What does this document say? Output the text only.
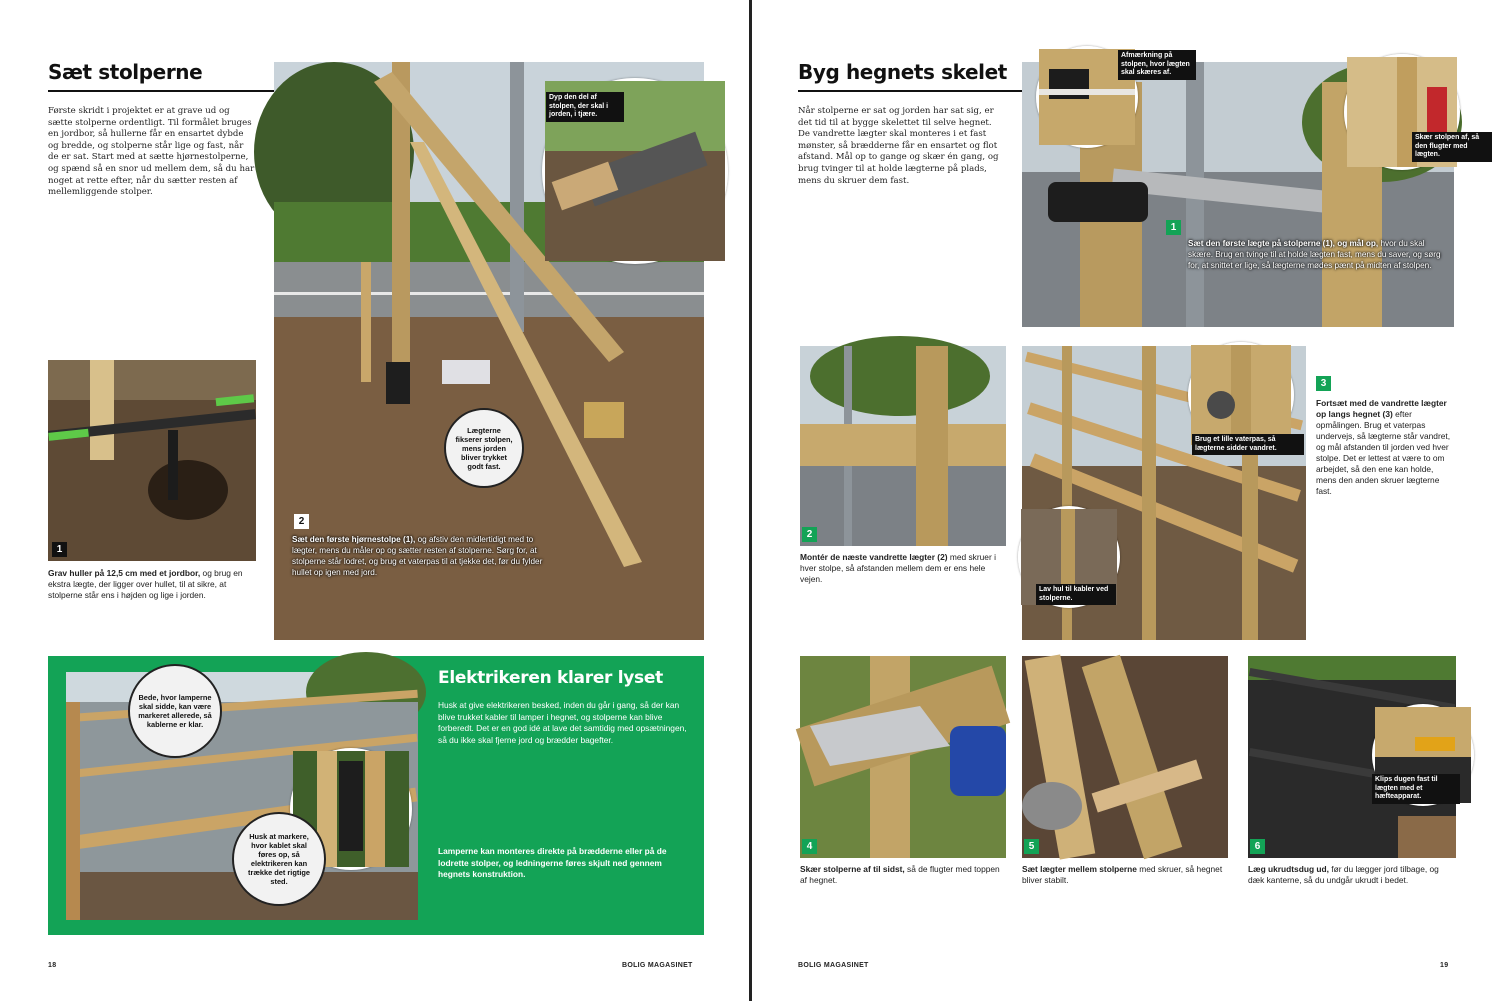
Sæt stolperne

Første skridt i projektet er at grave ud og sætte stolperne ordentligt. Til formålet bruges en jordbor, så hullerne får en ensartet dybde og bredde, og stolperne står lige og fast, når de er sat. Start med at sætte hjørnestolperne, og spænd så en snor ud mellem dem, så du har noget at rette efter, når du sætter resten af mellemliggende stolper.

1
Grav huller på 12,5 cm med et jordbor, og brug en ekstra lægte, der ligger over hullet, til at sikre, at stolperne står ens i højden og lige i jorden.
Dyp den del af stolpen, der skal i jorden, i tjære.
Lægterne fikserer stolpen, mens jorden bliver trykket godt fast.
2
Sæt den første hjørnestolpe (1), og afstiv den midlertidigt med to lægter, mens du måler op og sætter resten af stolperne. Sørg for, at stolperne står lodret, og brug et vaterpas til at tjekke det, før du fylder hullet op igen med jord.
Bede, hvor lamperne skal sidde, kan være markeret allerede, så kablerne er klar.
Husk at markere, hvor kablet skal føres op, så elektrikeren kan trække det rigtige sted.
Elektrikeren klarer lyset

Husk at give elektrikeren besked, inden du går i gang, så der kan blive trukket kabler til lamper i hegnet, og stolperne kan blive forberedt. Det er en god idé at lave det samtidig med opsætningen, så du ikke skal fjerne jord og brædder bagefter.

Lamperne kan monteres direkte på brædderne eller på de lodrette stolper, og ledningerne føres skjult ned gennem hegnets konstruktion.

18	BOLIG MAGASINET
Byg hegnets skelet

Når stolperne er sat og jorden har sat sig, er det tid til at bygge skelettet til selve hegnet. De vandrette lægter skal monteres i et fast mønster, så brædderne får en ensartet og flot afstand. Mål op to gange og skær én gang, og brug tvinger til at holde lægterne på plads, mens du skruer dem fast.

Afmærkning på stolpen, hvor lægten skal skæres af.
Skær stolpen af, så den flugter med lægten.
1
Sæt den første lægte på stolperne (1), og mål op, hvor du skal skære. Brug en tvinge til at holde lægten fast, mens du saver, og sørg for, at snittet er lige, så lægterne mødes pænt på midten af stolpen.
2
Montér de næste vandrette lægter (2) med skruer i hver stolpe, så afstanden mellem dem er ens hele vejen.
Brug et lille vaterpas, så lægterne sidder vandret.
Lav hul til kabler ved stolperne.
3
Fortsæt med de vandrette lægter op langs hegnet (3) efter opmålingen. Brug et vaterpas undervejs, så lægterne står vandret, og mål afstanden til jorden ved hver stolpe. Det er lettest at være to om arbejdet, så den ene kan holde, mens den anden skruer lægterne fast.
4
Skær stolperne af til sidst, så de flugter med toppen af hegnet.
5
Sæt lægter mellem stolperne med skruer, så hegnet bliver stabilt.
Klips dugen fast til lægten med et hæfteapparat.
6
Læg ukrudtsdug ud, før du lægger jord tilbage, og dæk kanterne, så du undgår ukrudt i bedet.
BOLIG MAGASINET	19
